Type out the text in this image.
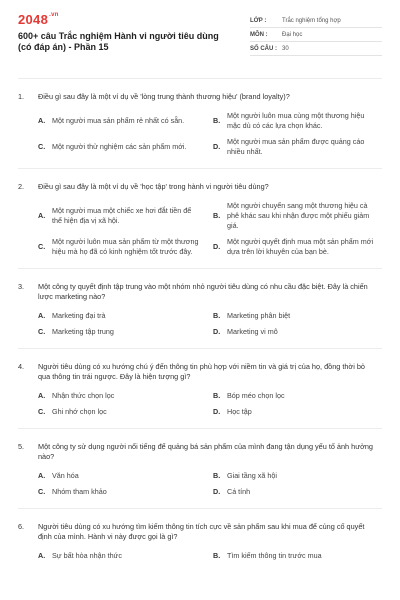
$2048^{.vn}$
600+ câu Trắc nghiệm Hành vi người tiêu dùng (có đáp án) - Phần 15
LỚP :	Trắc nghiệm tổng hợp
MÔN :	Đại học
SỐ CÂU : 30
1.	Điều gì sau đây là một ví dụ về 'lòng trung thành thương hiệu' (brand loyalty)?
A. Một người mua sản phẩm rẻ nhất có sẵn.	B.
Một người luôn mua cùng một thương hiệu mặc dù có các lựa chọn khác.
C. Một người thử nghiệm các sản phẩm mới.	D.
Một người mua sản phẩm được quảng cáo nhiều nhất.
2.	Điều gì sau đây là một ví dụ về 'học tập' trong hành vi người tiêu dùng?
A.
Một người mua một chiếc xe hơi đắt tiền để thể hiện địa vị xã hội.
B.
Một người chuyển sang một thương hiệu cà phê khác sau khi nhận được một phiếu giảm giá.
C.
Một người luôn mua sản phẩm từ một thương hiệu mà họ đã có kinh nghiệm tốt trước đây.
D.
Một người quyết định mua một sản phẩm mới dựa trên lời khuyên của bạn bè.
3.	Một công ty quyết định tập trung vào một nhóm nhỏ người tiêu dùng có nhu cầu đặc biệt. Đây là chiến lược marketing nào?
A. Marketing đại trà	B. Marketing phân biệt
C. Marketing tập trung	D. Marketing vi mô
4.	Người tiêu dùng có xu hướng chú ý đến thông tin phù hợp với niềm tin và giá trị của họ, đồng thời bỏ qua thông tin trái ngược. Đây là hiện tượng gì?
A. Nhận thức chọn lọc	B. Bóp méo chọn lọc
C. Ghi nhớ chọn lọc	D. Học tập
5.	Một công ty sử dụng người nổi tiếng để quảng bá sản phẩm của mình đang tận dụng yếu tố ảnh hưởng nào?
A. Văn hóa	B. Giai tầng xã hội
C. Nhóm tham khảo	D. Cá tính
6.	Người tiêu dùng có xu hướng tìm kiếm thông tin tích cực về sản phẩm sau khi mua để củng cố quyết định của mình. Hành vi này được gọi là gì?
A. Sự bất hòa nhận thức	B. Tìm kiếm thông tin trước mua
